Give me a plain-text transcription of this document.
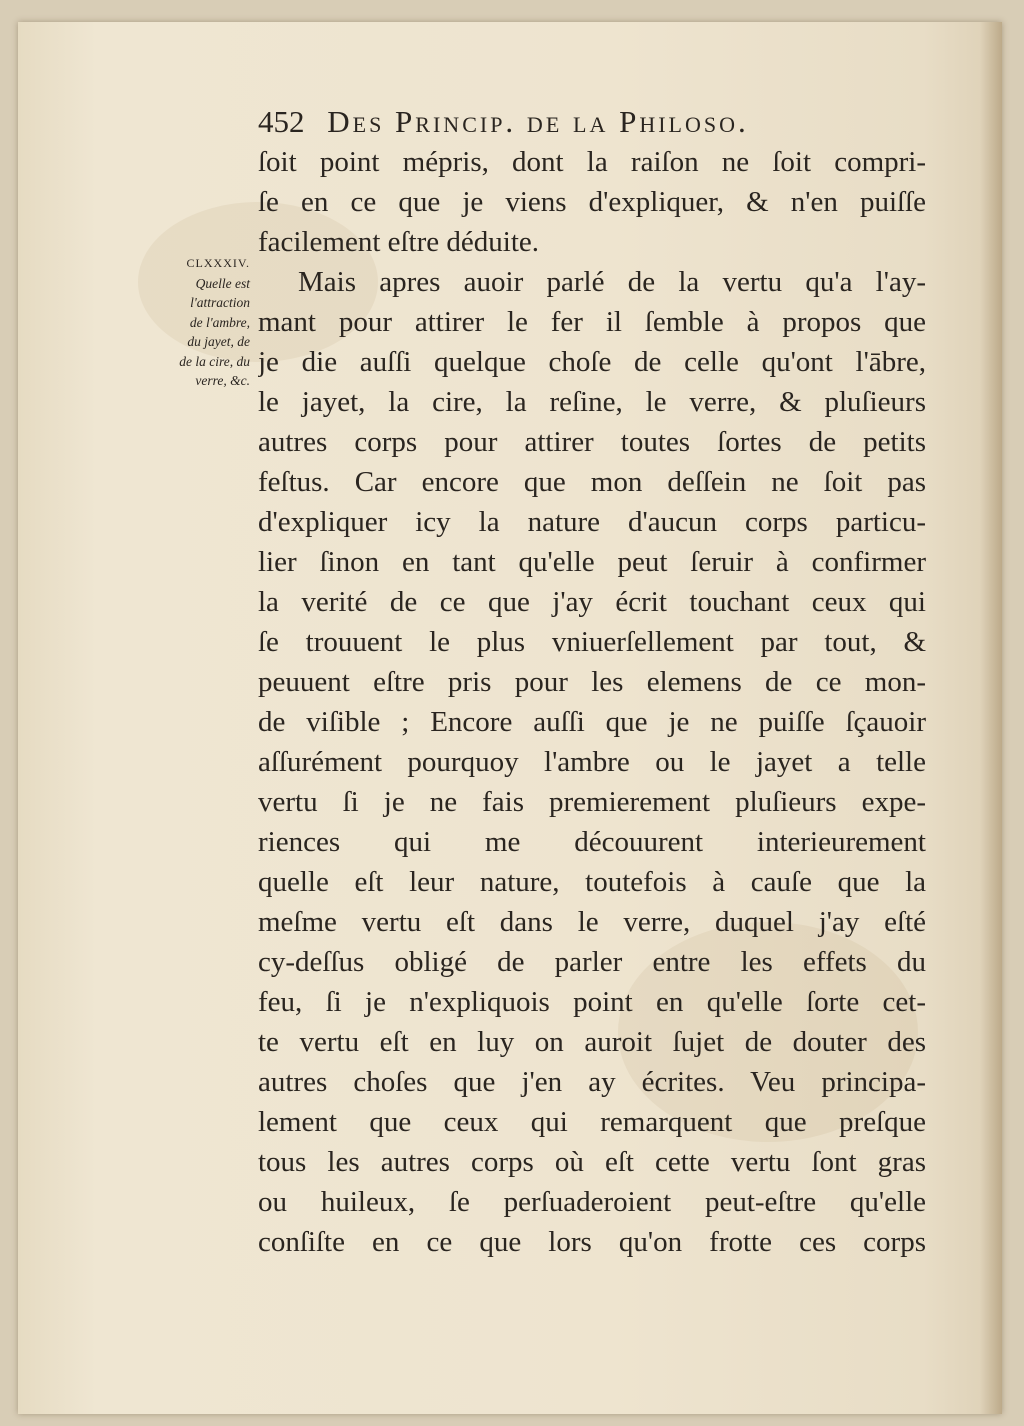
452 Des Princip. de la Philoso.
CLXXXIV.
Quelle est
l'attraction
de l'ambre,
du jayet, de
de la cire, du
verre, &c.
ſoit point mépris, dont la raiſon ne ſoit compri-
ſe en ce que je viens d'expliquer, & n'en puiſſe
facilement eſtre déduite.
Mais apres auoir parlé de la vertu qu'a l'ay-
mant pour attirer le fer il ſemble à propos que
je die auſſi quelque choſe de celle qu'ont l'ābre,
le jayet, la cire, la reſine, le verre, & pluſieurs
autres corps pour attirer toutes ſortes de petits
feſtus. Car encore que mon deſſein ne ſoit pas
d'expliquer icy la nature d'aucun corps particu-
lier ſinon en tant qu'elle peut ſeruir à confirmer
la verité de ce que j'ay écrit touchant ceux qui
ſe trouuent le plus vniuerſellement par tout, &
peuuent eſtre pris pour les elemens de ce mon-
de viſible ; Encore auſſi que je ne puiſſe ſçauoir
aſſurément pourquoy l'ambre ou le jayet a telle
vertu ſi je ne fais premierement pluſieurs expe-
riences qui me découurent interieurement
quelle eſt leur nature, toutefois à cauſe que la
meſme vertu eſt dans le verre, duquel j'ay eſté
cy-deſſus obligé de parler entre les effets du
feu, ſi je n'expliquois point en qu'elle ſorte cet-
te vertu eſt en luy on auroit ſujet de douter des
autres choſes que j'en ay écrites. Veu principa-
lement que ceux qui remarquent que preſque
tous les autres corps où eſt cette vertu ſont gras
ou huileux, ſe perſuaderoient peut-eſtre qu'elle
conſiſte en ce que lors qu'on frotte ces corps
